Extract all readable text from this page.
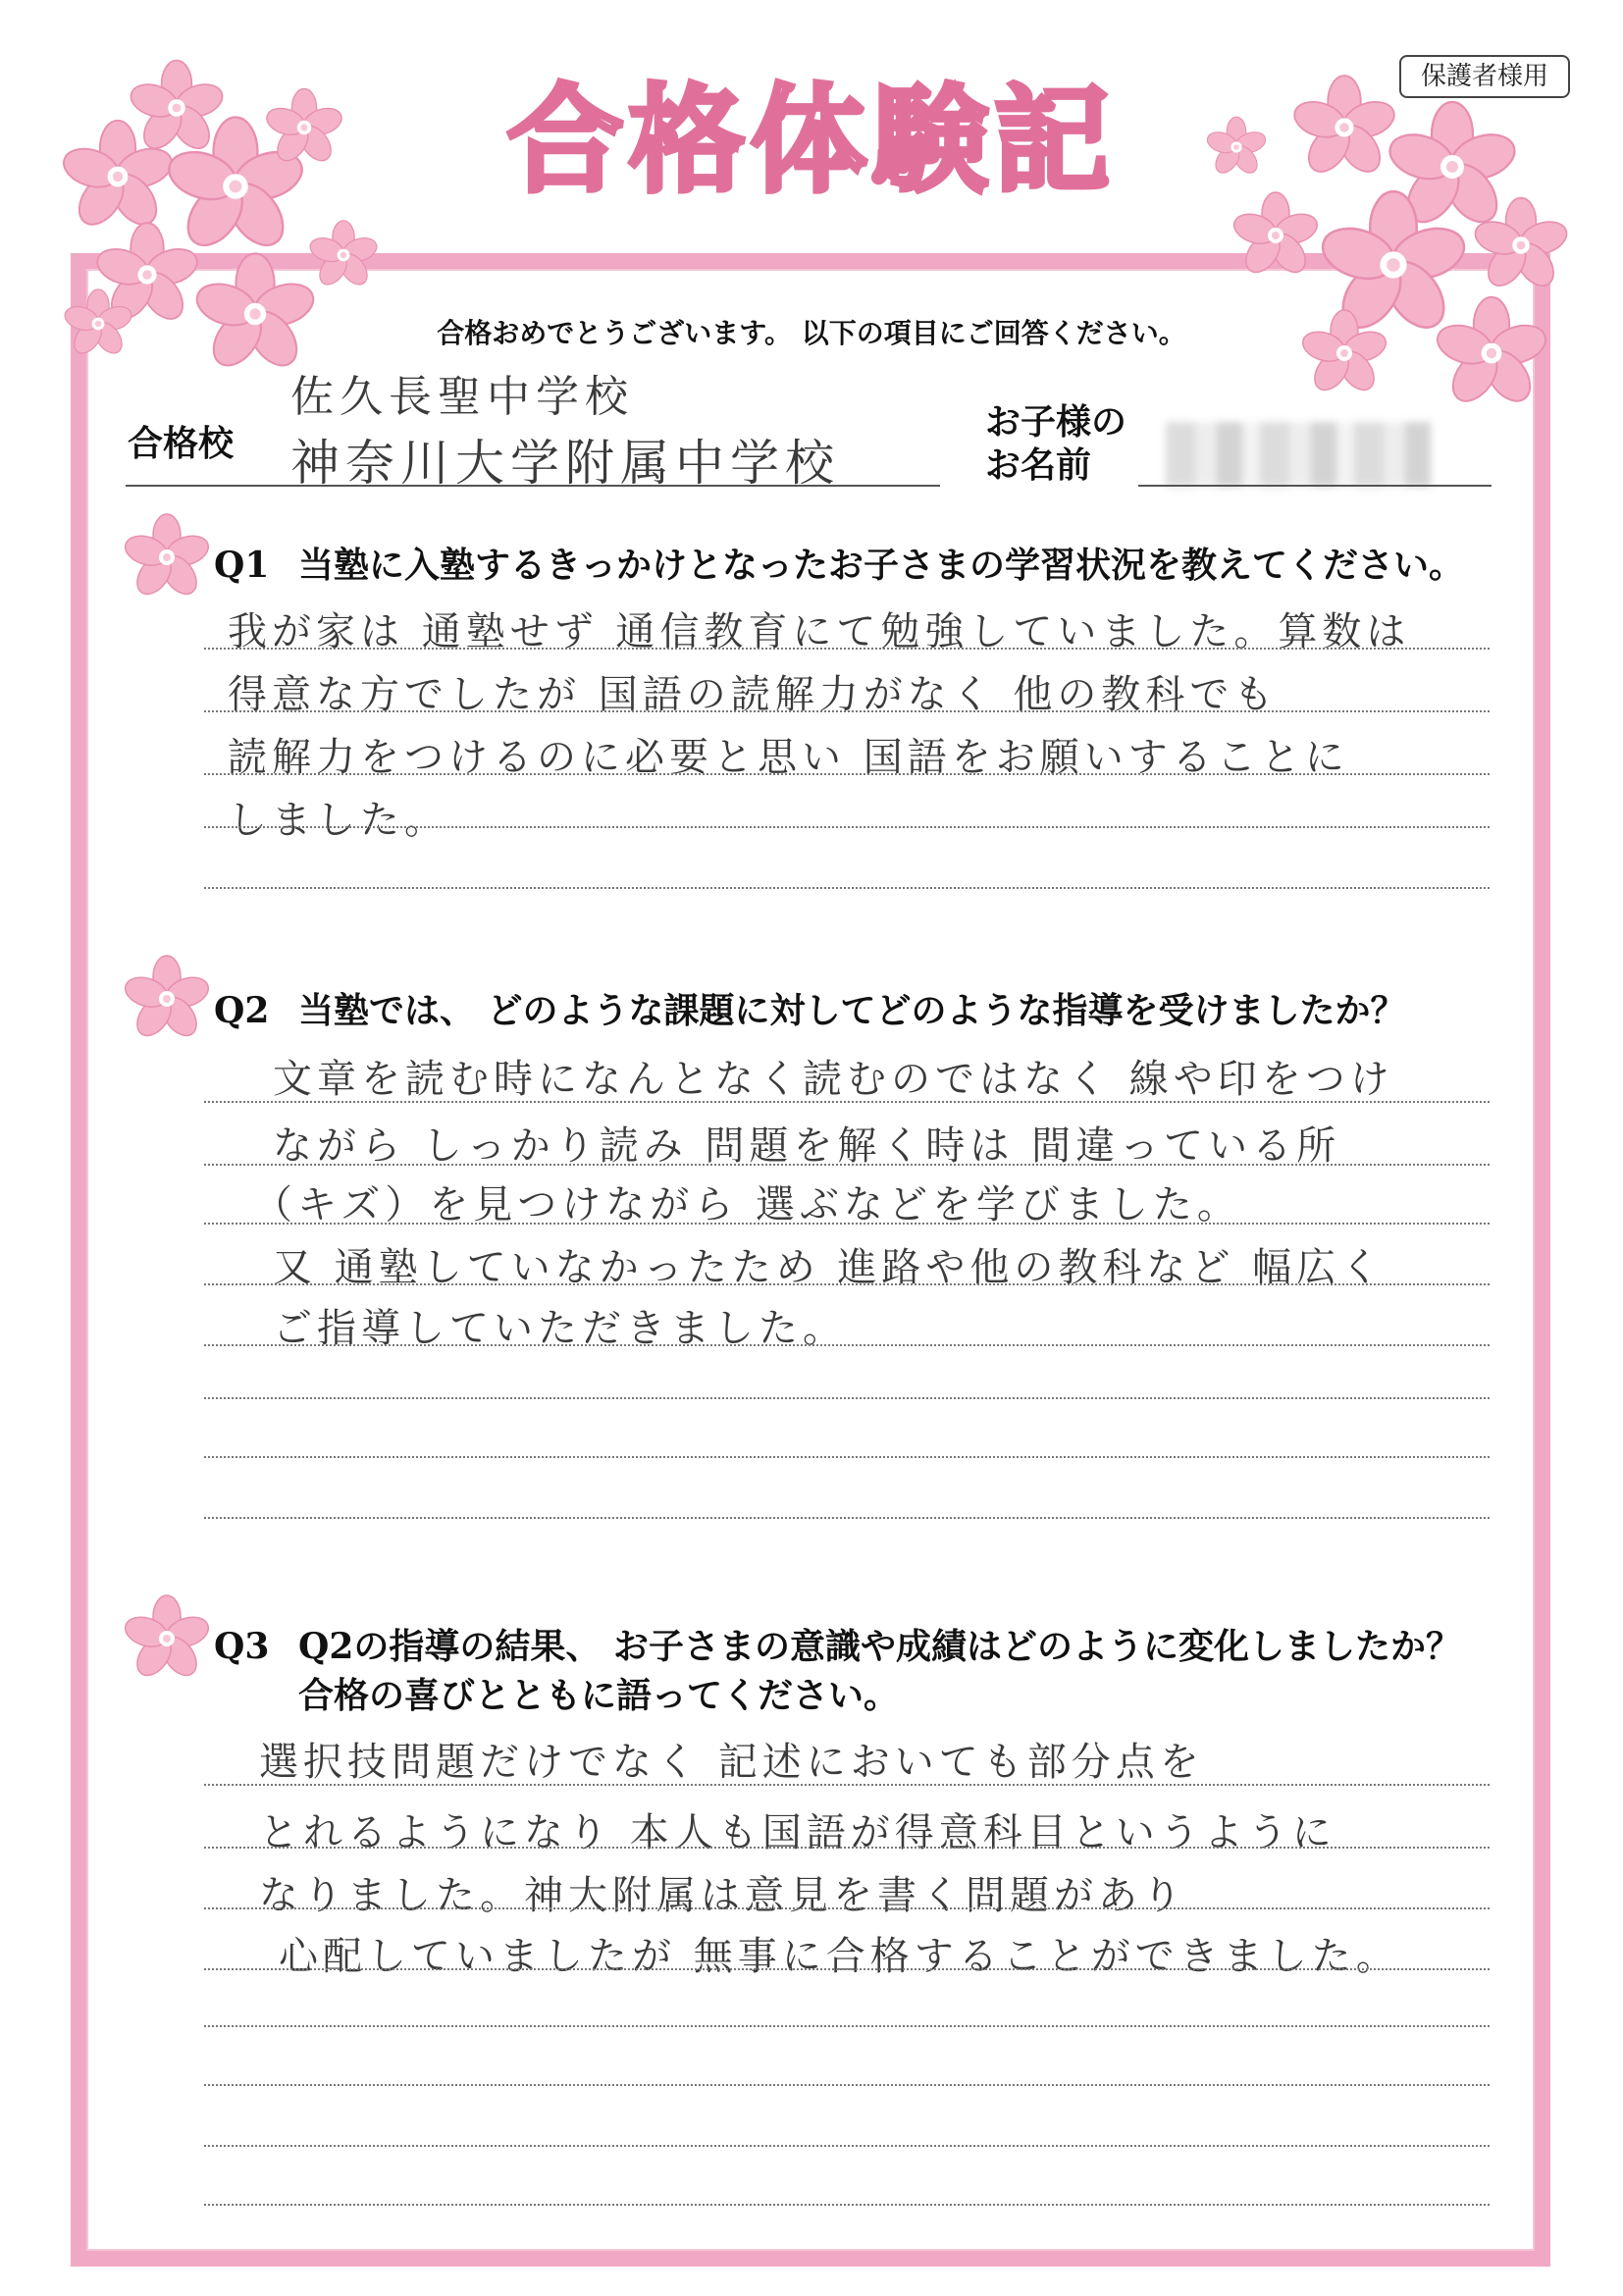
保護者様用
合格体験記
合格おめでとうございます。 以下の項目にご回答ください。
合格校
佐久長聖中学校
神奈川大学附属中学校
お子様の
お名前
Q1 当塾に入塾するきっかけとなったお子さまの学習状況を教えてください。
我が家は 通塾せず 通信教育にて勉強していました。算数は
得意な方でしたが 国語の読解力がなく 他の教科でも
読解力をつけるのに必要と思い 国語をお願いすることに
しました。
Q2 当塾では、 どのような課題に対してどのような指導を受けましたか？
文章を読む時になんとなく読むのではなく 線や印をつけ
ながら しっかり読み 問題を解く時は 間違っている所
（キズ）を見つけながら 選ぶなどを学びました。
又 通塾していなかったため 進路や他の教科など 幅広く
ご指導していただきました。
Q3 Q2の指導の結果、 お子さまの意識や成績はどのように変化しましたか？
合格の喜びとともに語ってください。
選択技問題だけでなく 記述においても部分点を
とれるようになり 本人も国語が得意科目というように
なりました。神大附属は意見を書く問題があり
心配していましたが 無事に合格することができました。
